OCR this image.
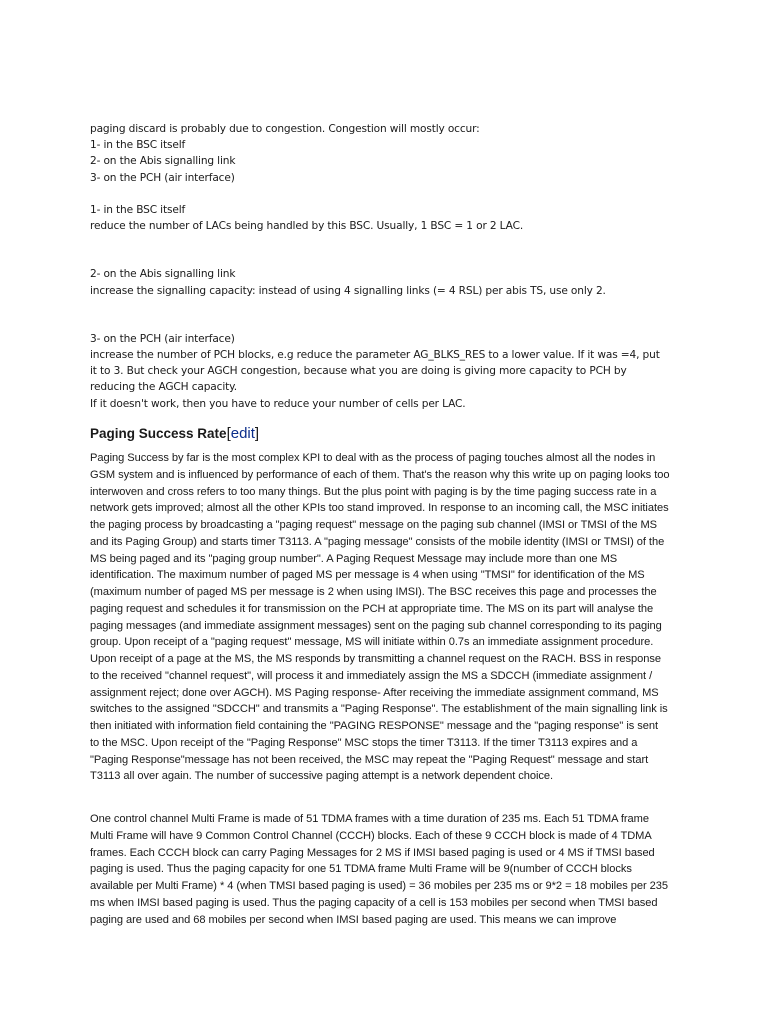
paging discard is probably due to congestion. Congestion will mostly occur:
1- in the BSC itself
2- on the Abis signalling link
3- on the PCH (air interface)
1- in the BSC itself
reduce the number of LACs being handled by this BSC. Usually, 1 BSC = 1 or 2 LAC.
2- on the Abis signalling link
increase the signalling capacity: instead of using 4 signalling links (= 4 RSL) per abis TS, use only 2.
3- on the PCH (air interface)
increase the number of PCH blocks, e.g reduce the parameter AG_BLKS_RES to a lower value. If it was =4, put it to 3. But check your AGCH congestion, because what you are doing is giving more capacity to PCH by reducing the AGCH capacity.
If it doesn't work, then you have to reduce your number of cells per LAC.
Paging Success Rate[edit]

Paging Success by far is the most complex KPI to deal with as the process of paging touches almost all the nodes in GSM system and is influenced by performance of each of them. That's the reason why this write up on paging looks too interwoven and cross refers to too many things. But the plus point with paging is by the time paging success rate in a network gets improved; almost all the other KPIs too stand improved. In response to an incoming call, the MSC initiates the paging process by broadcasting a "paging request" message on the paging sub channel (IMSI or TMSI of the MS and its Paging Group) and starts timer T3113. A "paging message" consists of the mobile identity (IMSI or TMSI) of the MS being paged and its "paging group number". A Paging Request Message may include more than one MS identification. The maximum number of paged MS per message is 4 when using "TMSI" for identification of the MS (maximum number of paged MS per message is 2 when using IMSI). The BSC receives this page and processes the paging request and schedules it for transmission on the PCH at appropriate time. The MS on its part will analyse the paging messages (and immediate assignment messages) sent on the paging sub channel corresponding to its paging group. Upon receipt of a "paging request" message, MS will initiate within 0.7s an immediate assignment procedure. Upon receipt of a page at the MS, the MS responds by transmitting a channel request on the RACH. BSS in response to the received "channel request", will process it and immediately assign the MS a SDCCH (immediate assignment / assignment reject; done over AGCH). MS Paging response- After receiving the immediate assignment command, MS switches to the assigned "SDCCH" and transmits a "Paging Response". The establishment of the main signalling link is then initiated with information field containing the "PAGING RESPONSE" message and the "paging response" is sent to the MSC. Upon receipt of the "Paging Response" MSC stops the timer T3113. If the timer T3113 expires and a "Paging Response"message has not been received, the MSC may repeat the "Paging Request" message and start T3113 all over again. The number of successive paging attempt is a network dependent choice.

One control channel Multi Frame is made of 51 TDMA frames with a time duration of 235 ms. Each 51 TDMA frame Multi Frame will have 9 Common Control Channel (CCCH) blocks. Each of these 9 CCCH block is made of 4 TDMA frames. Each CCCH block can carry Paging Messages for 2 MS if IMSI based paging is used or 4 MS if TMSI based paging is used. Thus the paging capacity for one 51 TDMA frame Multi Frame will be 9(number of CCCH blocks available per Multi Frame) * 4 (when TMSI based paging is used) = 36 mobiles per 235 ms or 9*2 = 18 mobiles per 235 ms when IMSI based paging is used. Thus the paging capacity of a cell is 153 mobiles per second when TMSI based paging are used and 68 mobiles per second when IMSI based paging are used. This means we can improve
